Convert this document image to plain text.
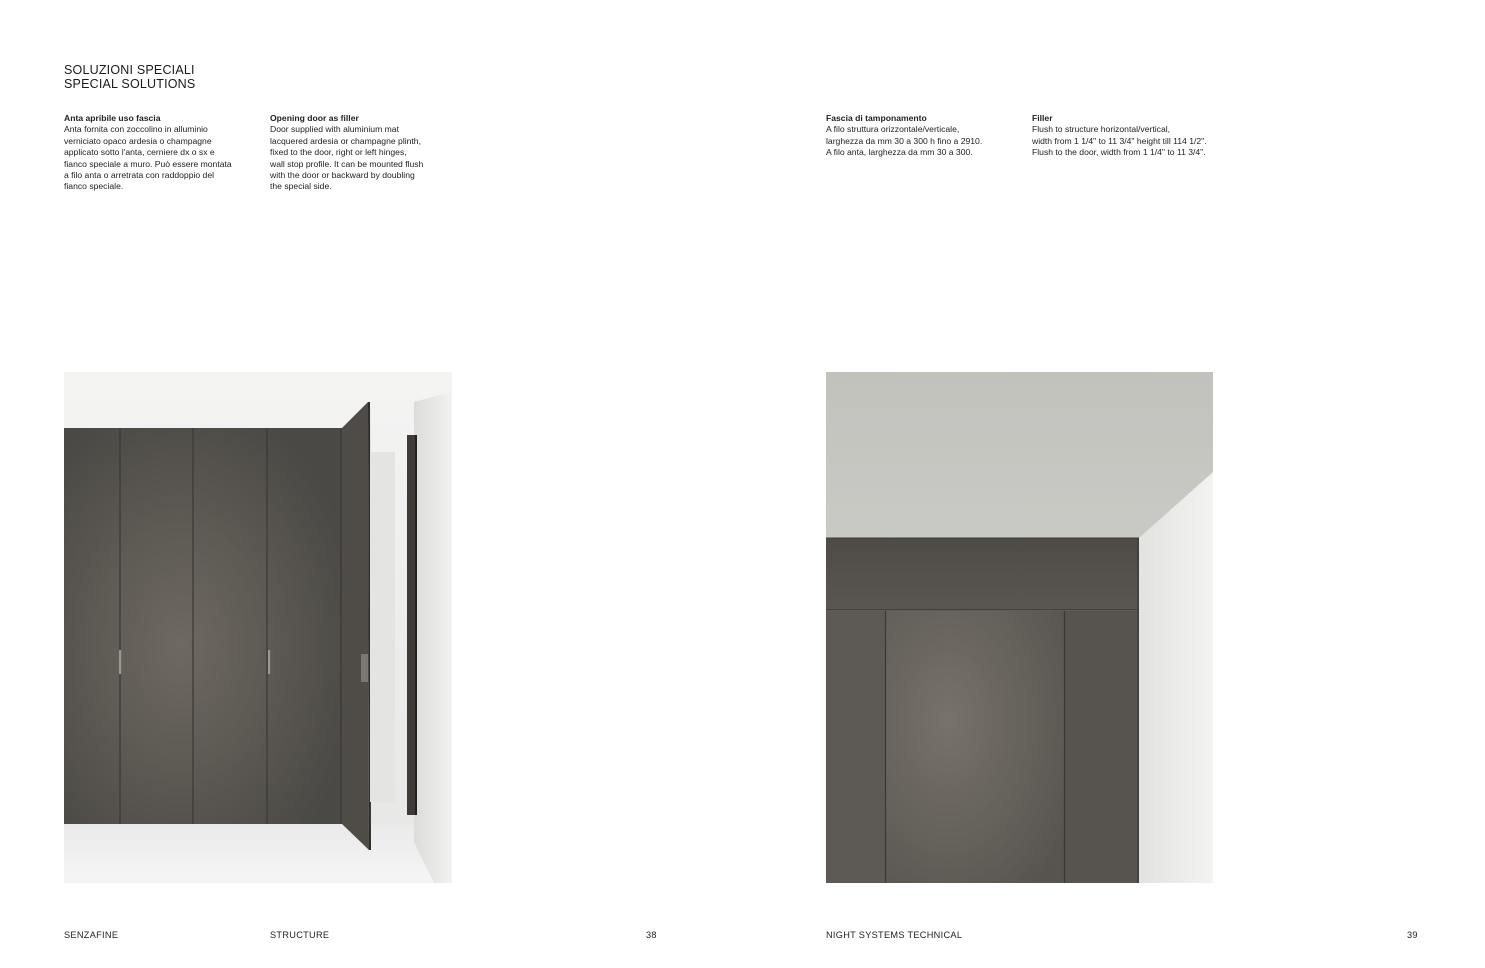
SOLUZIONI SPECIALI
SPECIAL SOLUTIONS
Anta apribile uso fascia
Anta fornita con zoccolino in alluminio
verniciato opaco ardesia o champagne
applicato sotto l'anta, cerniere dx o sx e
fianco speciale a muro. Può essere montata
a filo anta o arretrata con raddoppio del
fianco speciale.
Opening door as filler
Door supplied with aluminium mat
lacquered ardesia or champagne plinth,
fixed to the door, right or left hinges,
wall stop profile. It can be mounted flush
with the door or backward by doubling
the special side.
Fascia di tamponamento
A filo struttura orizzontale/verticale,
larghezza da mm 30 a 300 h fino a 2910.
A filo anta, larghezza da mm 30 a 300.
Filler
Flush to structure horizontal/vertical,
width from 1 1/4" to 11 3/4" height till 114 1/2".
Flush to the door, width from 1 1/4" to 11 3/4".
SENZAFINE	STRUCTURE	38	NIGHT SYSTEMS TECHNICAL	39
